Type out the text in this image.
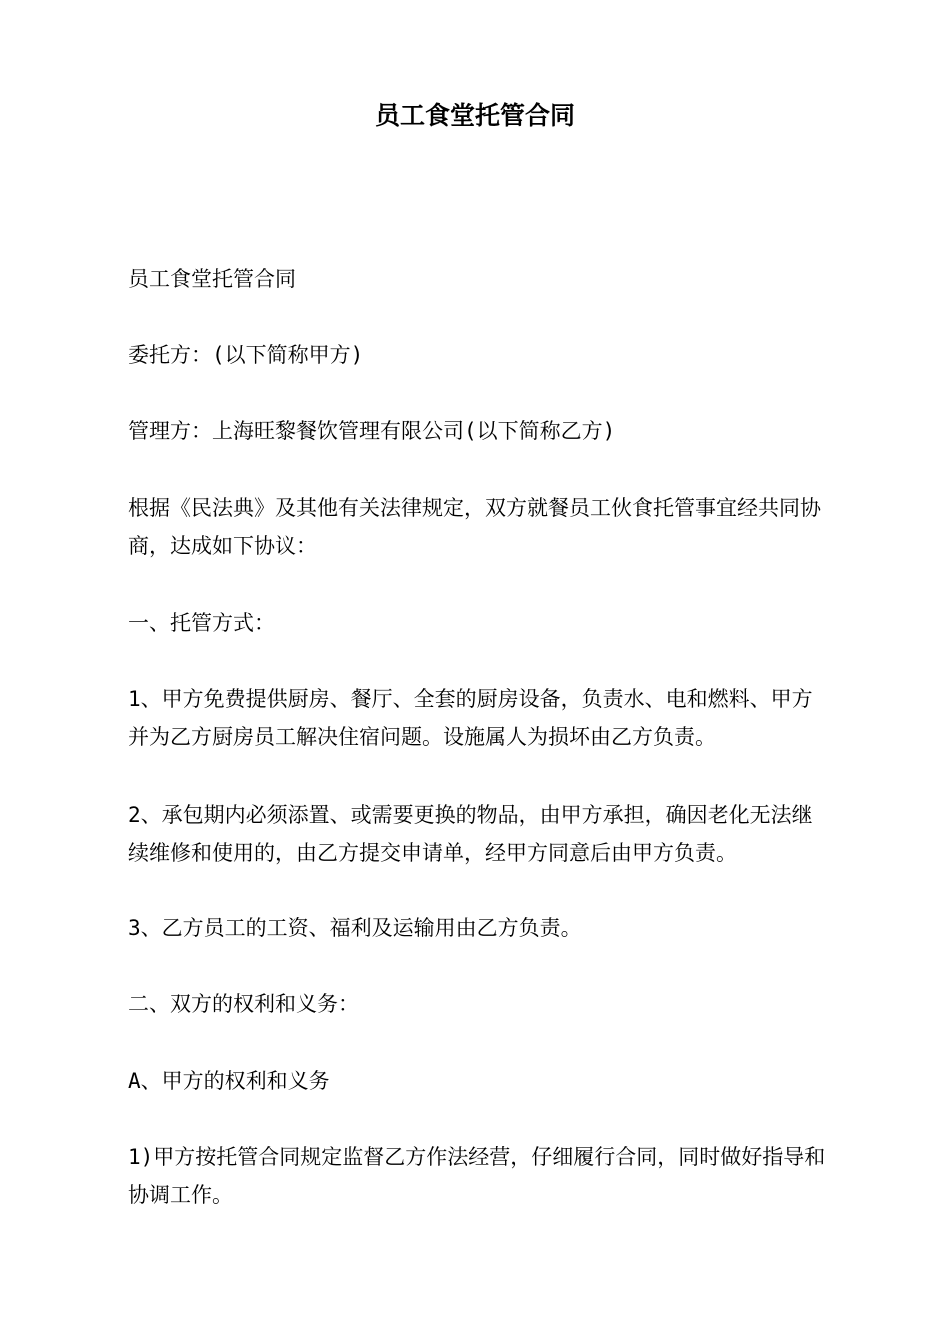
员工食堂托管合同

员工食堂托管合同

委托方：(以下简称甲方)

管理方：上海旺黎餐饮管理有限公司(以下简称乙方)

根据《民法典》及其他有关法律规定，双方就餐员工伙食托管事宜经共同协商，达成如下协议：

一、托管方式：

1、甲方免费提供厨房、餐厅、全套的厨房设备，负责水、电和燃料、甲方并为乙方厨房员工解决住宿问题。设施属人为损坏由乙方负责。

2、承包期内必须添置、或需要更换的物品，由甲方承担，确因老化无法继续维修和使用的，由乙方提交申请单，经甲方同意后由甲方负责。

3、乙方员工的工资、福利及运输用由乙方负责。

二、双方的权利和义务：

A、甲方的权利和义务

1)甲方按托管合同规定监督乙方作法经营，仔细履行合同，同时做好指导和协调工作。
